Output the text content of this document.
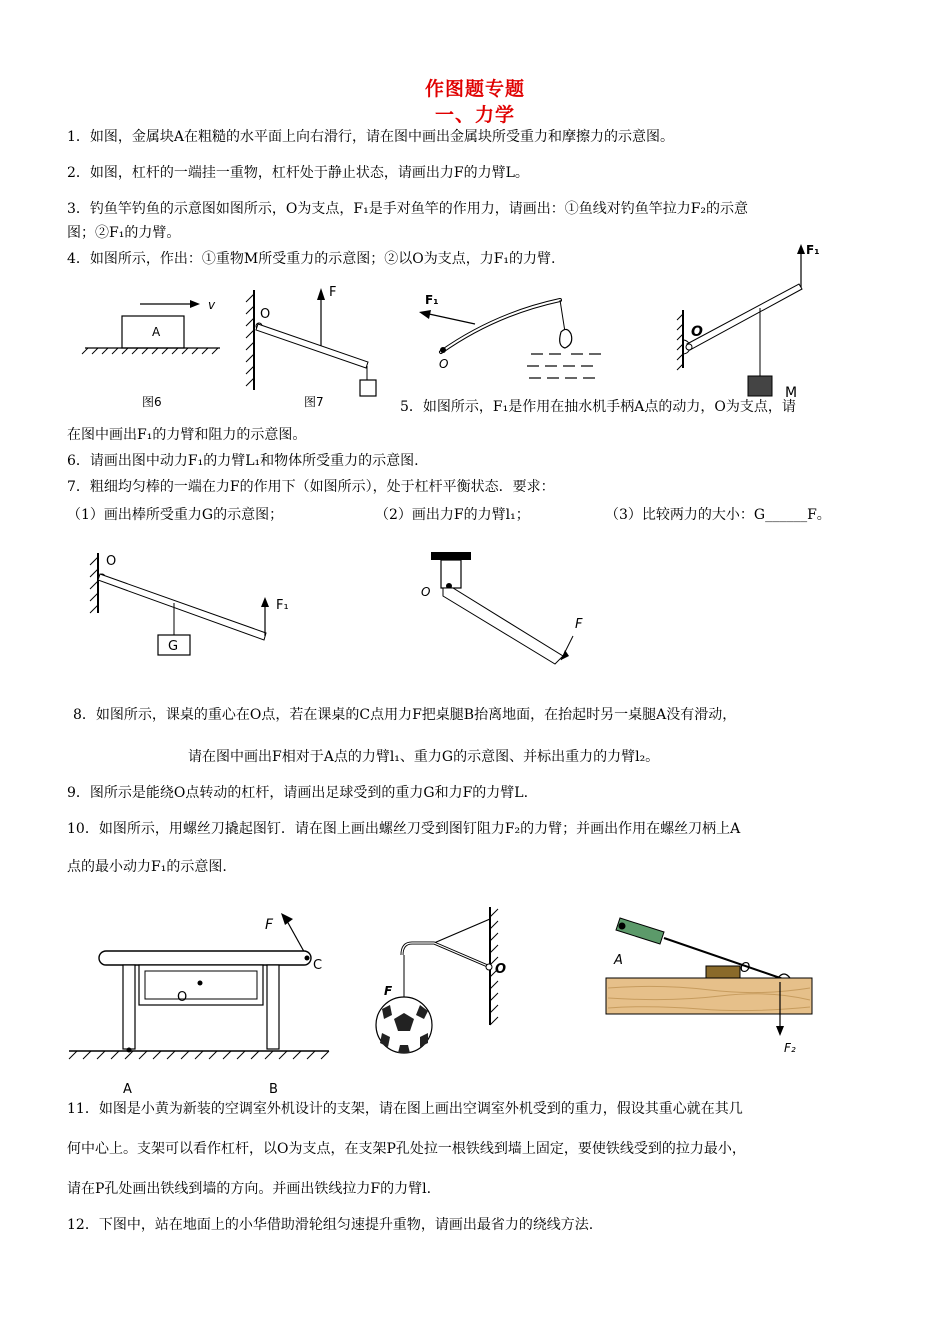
作图题专题
一、力学
1．如图，金属块A在粗糙的水平面上向右滑行，请在图中画出金属块所受重力和摩擦力的示意图。
2．如图，杠杆的一端挂一重物，杠杆处于静止状态，请画出力F的力臂L。
3．钓鱼竿钓鱼的示意图如图所示，O为支点，F₁是手对鱼竿的作用力，请画出：①鱼线对钓鱼竿拉力F₂的示意
图；②F₁的力臂。
4．如图所示，作出：①重物M所受重力的示意图；②以O为支点，力F₁的力臂.
v
A
图6
O
F
图7
F₁
O
F₁
O
M
5．如图所示，F₁是作用在抽水机手柄A点的动力，O为支点，请
在图中画出F₁的力臂和阻力的示意图。
6．请画出图中动力F₁的力臂L₁和物体所受重力的示意图.
7．粗细均匀棒的一端在力F的作用下（如图所示），处于杠杆平衡状态．要求：
（1）画出棒所受重力G的示意图；	（2）画出力F的力臂l₁；	（3）比较两力的大小：G______F。
O
F₁
G
O
F
8．如图所示，课桌的重心在O点，若在课桌的C点用力F把桌腿B抬离地面，在抬起时另一桌腿A没有滑动，
请在图中画出F相对于A点的力臂l₁、重力G的示意图、并标出重力的力臂l₂。
9．图所示是能绕O点转动的杠杆，请画出足球受到的重力G和力F的力臂L.
10．如图所示，用螺丝刀撬起图钉．请在图上画出螺丝刀受到图钉阻力F₂的力臂；并画出作用在螺丝刀柄上A
点的最小动力F₁的示意图.
F
C
O
A	B
O
F
A
O
F₂
11．如图是小黄为新装的空调室外机设计的支架，请在图上画出空调室外机受到的重力，假设其重心就在其几
何中心上。支架可以看作杠杆，以O为支点，在支架P孔处拉一根铁线到墙上固定，要使铁线受到的拉力最小，
请在P孔处画出铁线到墙的方向。并画出铁线拉力F的力臂l.
12．下图中，站在地面上的小华借助滑轮组匀速提升重物，请画出最省力的绕线方法.
